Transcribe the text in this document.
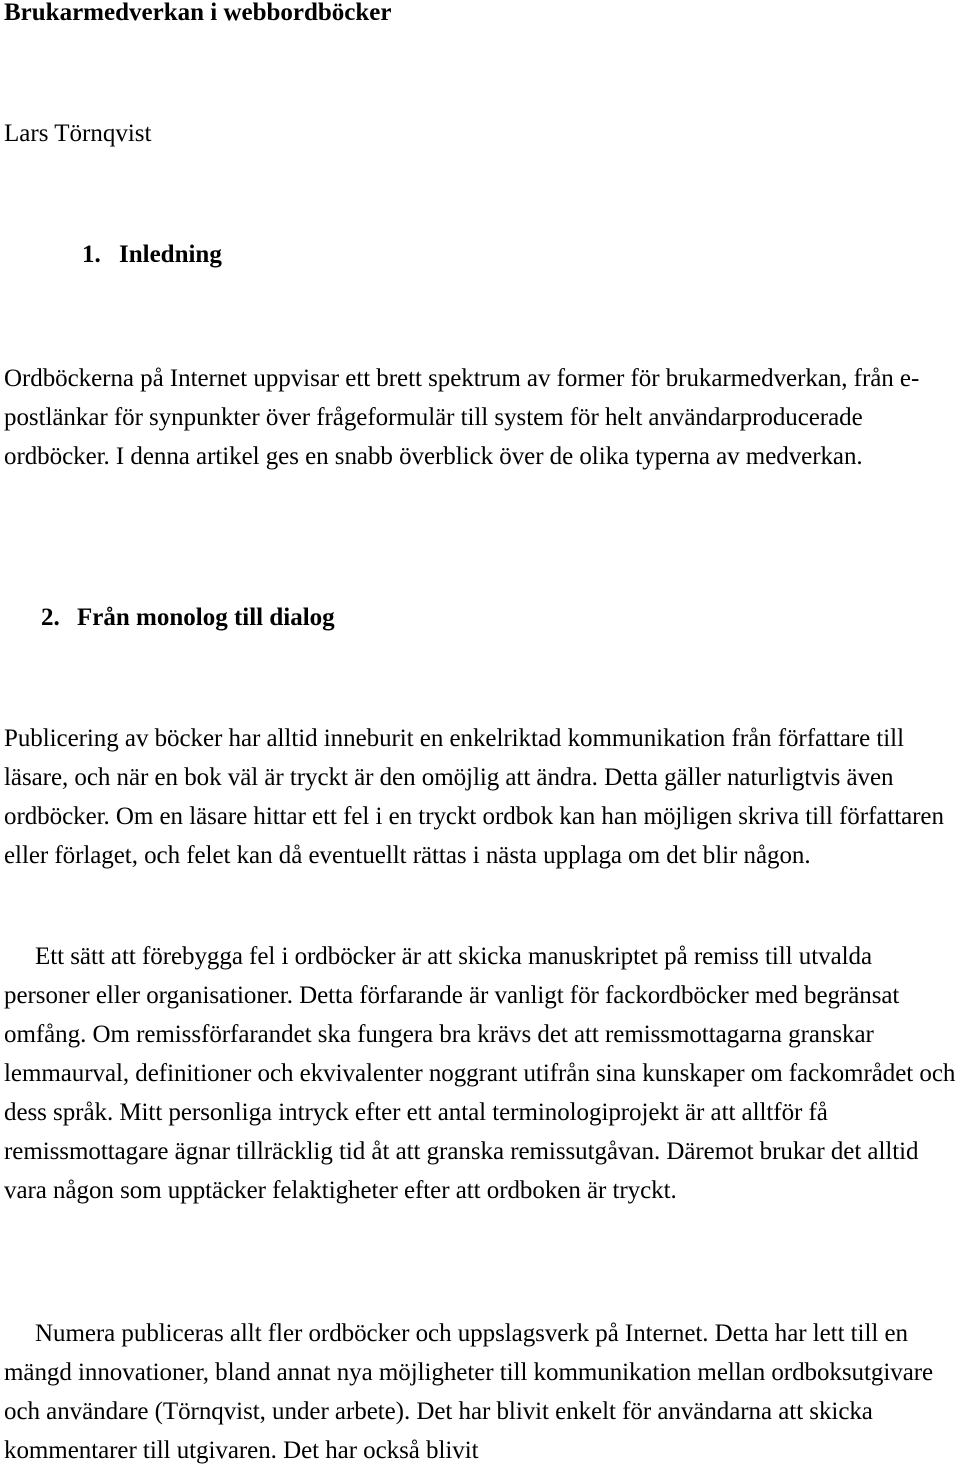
Brukarmedverkan i webbordböcker

Lars Törnqvist

1. Inledning

Ordböckerna på Internet uppvisar ett brett spektrum av former för brukarmedverkan, från e-postlänkar för synpunkter över frågeformulär till system för helt användarproducerade ordböcker. I denna artikel ges en snabb överblick över de olika typerna av medverkan.

2. Från monolog till dialog

Publicering av böcker har alltid inneburit en enkelriktad kommunikation från författare till läsare, och när en bok väl är tryckt är den omöjlig att ändra. Detta gäller naturligtvis även ordböcker. Om en läsare hittar ett fel i en tryckt ordbok kan han möjligen skriva till författaren eller förlaget, och felet kan då eventuellt rättas i nästa upplaga om det blir någon.

Ett sätt att förebygga fel i ordböcker är att skicka manuskriptet på remiss till utvalda personer eller organisationer. Detta förfarande är vanligt för fackordböcker med begränsat omfång. Om remissförfarandet ska fungera bra krävs det att remissmottagarna granskar lemmaurval, definitioner och ekvivalenter noggrant utifrån sina kunskaper om fackområdet och dess språk. Mitt personliga intryck efter ett antal terminologiprojekt är att alltför få remissmottagare ägnar tillräcklig tid åt att granska remissutgåvan. Däremot brukar det alltid vara någon som upptäcker felaktigheter efter att ordboken är tryckt.

Numera publiceras allt fler ordböcker och uppslagsverk på Internet. Detta har lett till en mängd innovationer, bland annat nya möjligheter till kommunikation mellan ordboksutgivare och användare (Törnqvist, under arbete). Det har blivit enkelt för användarna att skicka kommentarer till utgivaren. Det har också blivit
